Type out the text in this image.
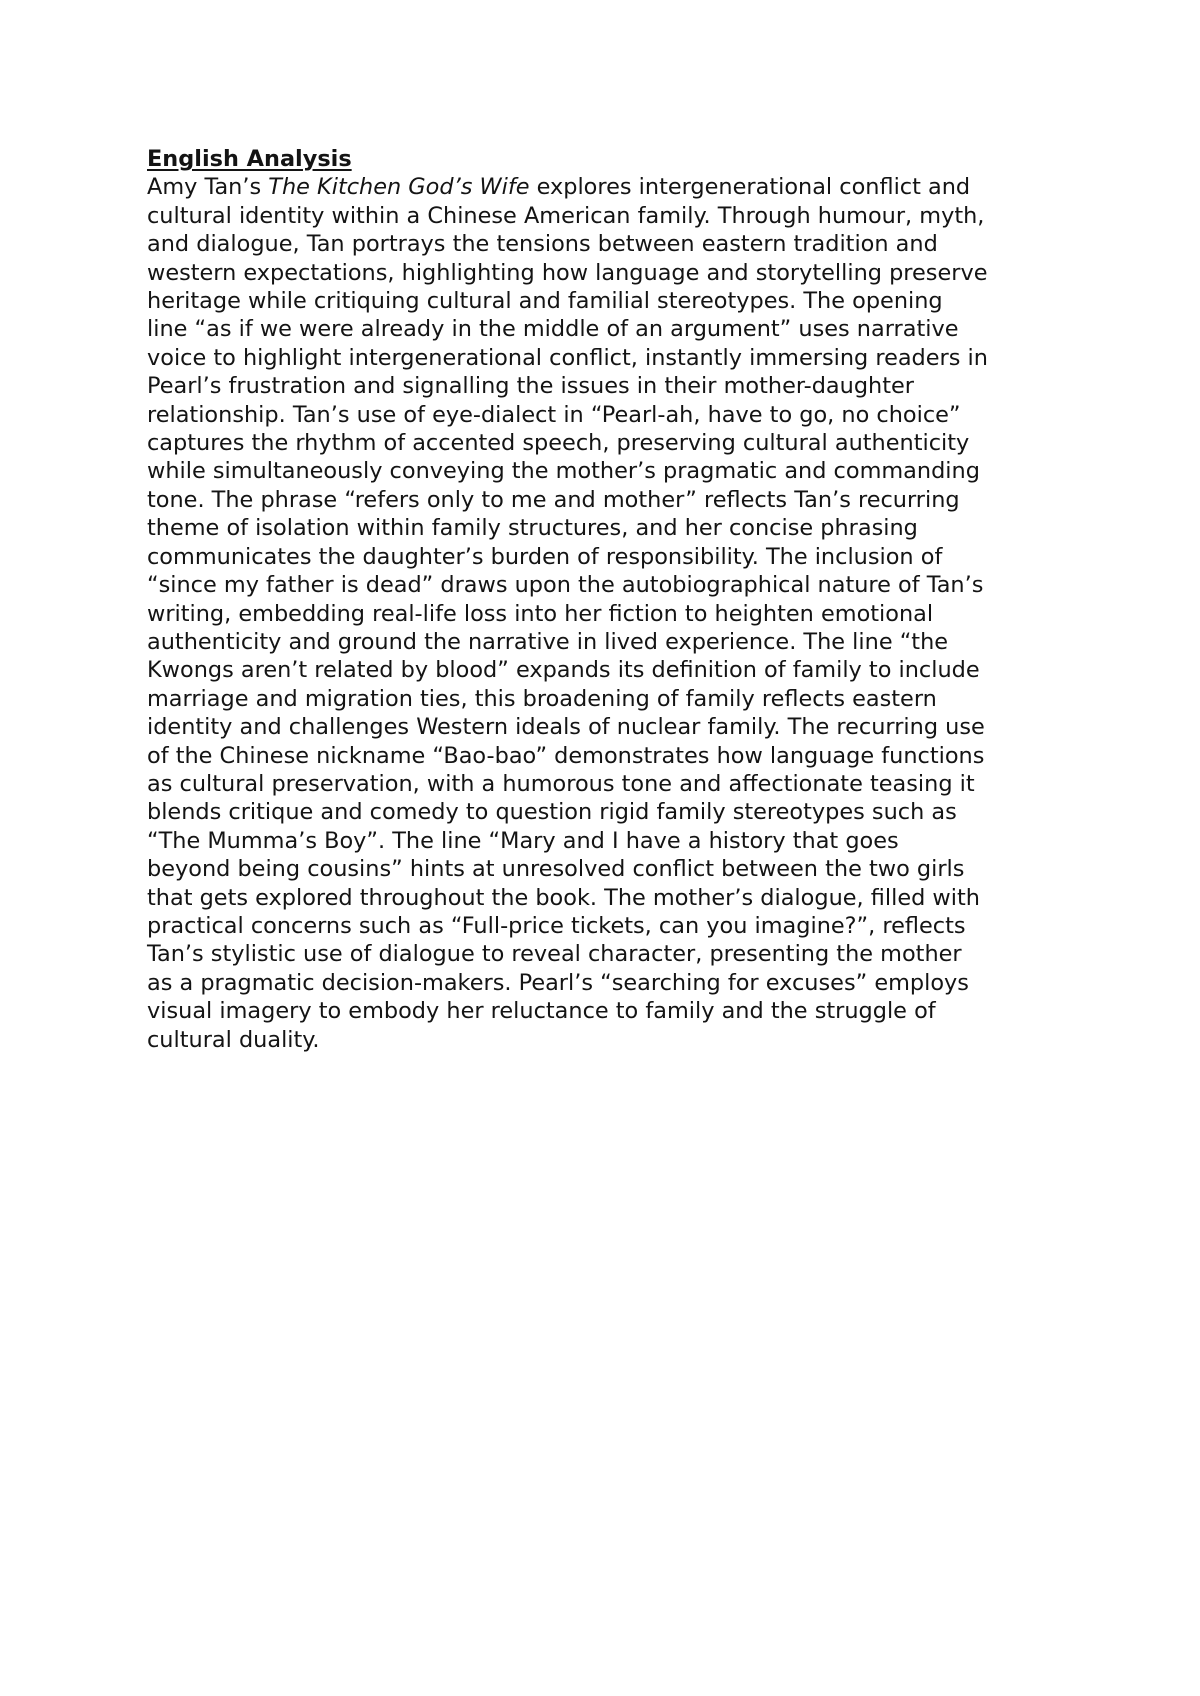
English Analysis
Amy Tan’s The Kitchen God’s Wife explores intergenerational conflict and
cultural identity within a Chinese American family. Through humour, myth,
and dialogue, Tan portrays the tensions between eastern tradition and
western expectations, highlighting how language and storytelling preserve
heritage while critiquing cultural and familial stereotypes. The opening
line “as if we were already in the middle of an argument” uses narrative
voice to highlight intergenerational conflict, instantly immersing readers in
Pearl’s frustration and signalling the issues in their mother-daughter
relationship. Tan’s use of eye-dialect in “Pearl-ah, have to go, no choice”
captures the rhythm of accented speech, preserving cultural authenticity
while simultaneously conveying the mother’s pragmatic and commanding
tone. The phrase “refers only to me and mother” reflects Tan’s recurring
theme of isolation within family structures, and her concise phrasing
communicates the daughter’s burden of responsibility. The inclusion of
“since my father is dead” draws upon the autobiographical nature of Tan’s
writing, embedding real-life loss into her fiction to heighten emotional
authenticity and ground the narrative in lived experience. The line “the
Kwongs aren’t related by blood” expands its definition of family to include
marriage and migration ties, this broadening of family reflects eastern
identity and challenges Western ideals of nuclear family. The recurring use
of the Chinese nickname “Bao-bao” demonstrates how language functions
as cultural preservation, with a humorous tone and affectionate teasing it
blends critique and comedy to question rigid family stereotypes such as
“The Mumma’s Boy”. The line “Mary and I have a history that goes
beyond being cousins” hints at unresolved conflict between the two girls
that gets explored throughout the book. The mother’s dialogue, filled with
practical concerns such as “Full-price tickets, can you imagine?”, reflects
Tan’s stylistic use of dialogue to reveal character, presenting the mother
as a pragmatic decision-makers. Pearl’s “searching for excuses” employs
visual imagery to embody her reluctance to family and the struggle of
cultural duality.
